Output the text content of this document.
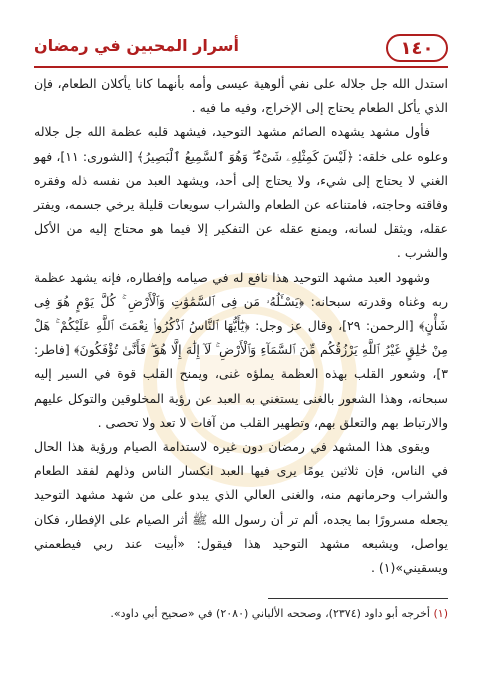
١٤٠
أسرار المحبين في رمضان

استدل الله جل جلاله على نفي ألوهية عيسى وأمه بأنهما كانا يأكلان الطعام، فإن الذي يأكل الطعام يحتاج إلى الإخراج، وفيه ما فيه .

فأول مشهد يشهده الصائم مشهد التوحيد، فيشهد قلبه عظمة الله جل جلاله وعلوه على خلقه: ﴿لَيْسَ كَمِثْلِهِۦ شَىْءٌ ۖ وَهُوَ ٱلسَّمِيعُ ٱلْبَصِيرُ﴾ [الشورى: ١١]، فهو الغني لا يحتاج إلى شيء، ولا يحتاج إلى أحد، ويشهد العبد من نفسه ذله وفقره وفاقته وحاجته، فامتناعه عن الطعام والشراب سويعات قليلة يرخي جسمه، ويفتر عقله، ويثقل لسانه، ويمنع عقله عن التفكير إلا فيما هو محتاج إليه من الأكل والشرب .

وشهود العبد مشهد التوحيد هذا نافع له في صيامه وإفطاره، فإنه يشهد عظمة ربه وغناه وقدرته سبحانه: ﴿يَسْـَٔلُهُۥ مَن فِى ٱلسَّمَٰوَٰتِ وَٱلْأَرْضِ ۚ كُلَّ يَوْمٍ هُوَ فِى شَأْنٍ﴾ [الرحمن: ٢٩]، وقال عز وجل: ﴿يَٰٓأَيُّهَا ٱلنَّاسُ ٱذْكُرُوا۟ نِعْمَتَ ٱللَّهِ عَلَيْكُمْ ۚ هَلْ مِنْ خَٰلِقٍ غَيْرُ ٱللَّهِ يَرْزُقُكُم مِّنَ ٱلسَّمَآءِ وَٱلْأَرْضِ ۚ لَآ إِلَٰهَ إِلَّا هُوَ ۖ فَأَنَّىٰ تُؤْفَكُونَ﴾ [فاطر: ٣]، وشعور القلب بهذه العظمة يملؤه غنى، ويمنح القلب قوة في السير إليه سبحانه، وهذا الشعور بالغنى يستغني به العبد عن رؤية المخلوقين والتوكل عليهم والارتباط بهم والتعلق بهم، وتطهير القلب من آفات لا تعد ولا تحصى .

ويقوى هذا المشهد في رمضان دون غيره لاستدامة الصيام ورؤية هذا الحال في الناس، فإن ثلاثين يومًا يرى فيها العبد انكسار الناس وذلهم لفقد الطعام والشراب وحرمانهم منه، والغنى العالي الذي يبدو على من شهد مشهد التوحيد يجعله مسرورًا بما يجده، ألم تر أن رسول الله ﷺ أثر الصيام على الإفطار، فكان يواصل، ويشبعه مشهد التوحيد هذا فيقول: «أبيت عند ربي فيطعمني ويسقيني»(١) .

(١) أخرجه أبو داود (٢٣٧٤)، وصححه الألباني (٢٠٨٠) في «صحيح أبي داود».
